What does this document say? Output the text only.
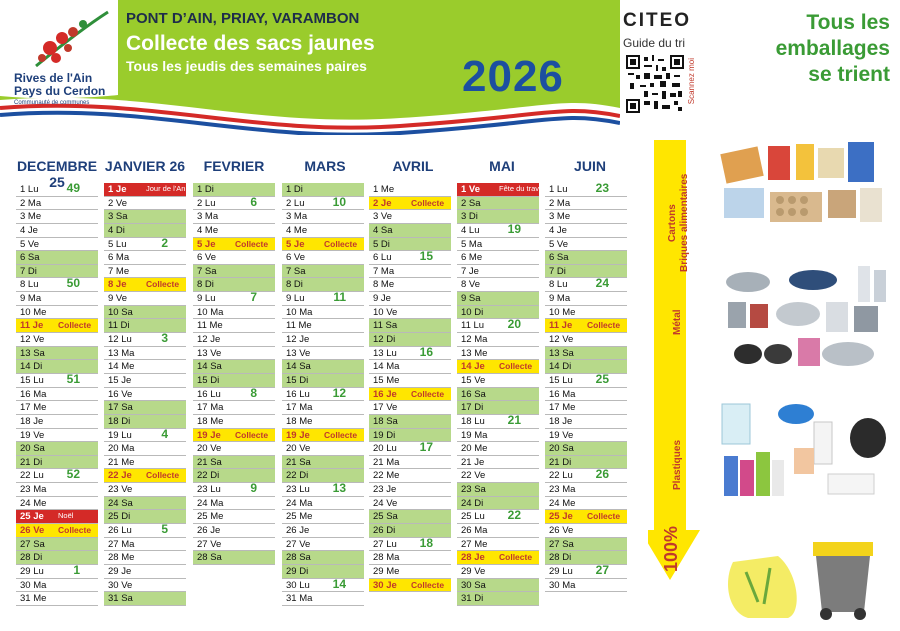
Rives de l'Ain
Pays du Cerdon
Communauté de communes
PONT D’AIN, PRIAY, VARAMBON
Collecte des sacs jaunes
Tous les jeudis des semaines paires 2026
CITEO
Guide du tri
Scannez moi
Tous les
emballages
se trient
DECEMBRE 25
JANVIER 26	FEVRIER	MARS	AVRIL	MAI	JUIN
1 Lu 49
2 Ma
3 Me
4 Je
5 Ve
6 Sa
7 Di
8 Lu 50
9 Ma
10 Me
11 Je Collecte
12 Ve
13 Sa
14 Di
15 Lu 51
16 Ma
17 Me
18 Je
19 Ve
20 Sa
21 Di
22 Lu 52
23 Ma
24 Me
25 Je Noël
26 Ve Collecte
27 Sa
28 Di
29 Lu 1
30 Ma
31 Me
1 Je	Jour de l'An
2 Ve
3 Sa
4 Di
5 Lu	2
6 Ma
7 Me
8 Je Collecte
9 Ve
10 Sa
11 Di
12 Lu 3
13 Ma
14 Me
15 Je
16 Ve
17 Sa
18 Di
19 Lu 4
20 Ma
21 Me
22 Je Collecte
23 Ve
24 Sa
25 Di
26 Lu 5
27 Ma
28 Me
29 Je
30 Ve
31 Sa
1 Di
2 Lu	6
3 Ma
4 Me
5 Je Collecte
6 Ve
7 Sa
8 Di
9 Lu	7
10 Ma
11 Me
12 Je
13 Ve
14 Sa
15 Di
16 Lu 8
17 Ma
18 Me
19 Je Collecte
20 Ve
21 Sa
22 Di
23 Lu 9
24 Ma
25 Me
26 Je
27 Ve
28 Sa
1 Di
2 Lu 10
3 Ma
4 Me
5 Je Collecte
6 Ve
7 Sa
8 Di
9 Lu 11
10 Ma
11 Me
12 Je
13 Ve
14 Sa
15 Di
16 Lu 12
17 Ma
18 Me
19 Je Collecte
20 Ve
21 Sa
22 Di
23 Lu 13
24 Ma
25 Me
26 Je
27 Ve
28 Sa
29 Di
30 Lu 14
31 Ma
1 Me
2 Je Collecte
3 Ve
4 Sa
5 Di
6 Lu 15
7 Ma
8 Me
9 Je
10 Ve
11 Sa
12 Di
13 Lu 16
14 Ma
15 Me
16 Je Collecte
17 Ve
18 Sa
19 Di
20 Lu 17
21 Ma
22 Me
23 Je
24 Ve
25 Sa
26 Di
27 Lu 18
28 Ma
29 Me
30 Je Collecte
1 Ve	Fête du travail
2 Sa
3 Di
4 Lu 19
5 Ma
6 Me
7 Je
8 Ve
9 Sa
10 Di
11 Lu 20
12 Ma
13 Me
14 Je Collecte
15 Ve
16 Sa
17 Di
18 Lu 21
19 Ma
20 Me
21 Je
22 Ve
23 Sa
24 Di
25 Lu 22
26 Ma
27 Me
28 Je Collecte
29 Ve
30 Sa
31 Di
1 Lu 23
2 Ma
3 Me
4 Je
5 Ve
6 Sa
7 Di
8 Lu 24
9 Ma
10 Me
11 Je Collecte
12 Ve
13 Sa
14 Di
15 Lu 25
16 Ma
17 Me
18 Je
19 Ve
20 Sa
21 Di
22 Lu 26
23 Ma
24 Me
25 Je Collecte
26 Ve
27 Sa
28 Di
29 Lu 27
30 Ma
Cartons Briques alimentaires
Métal
Plastiques
100%
